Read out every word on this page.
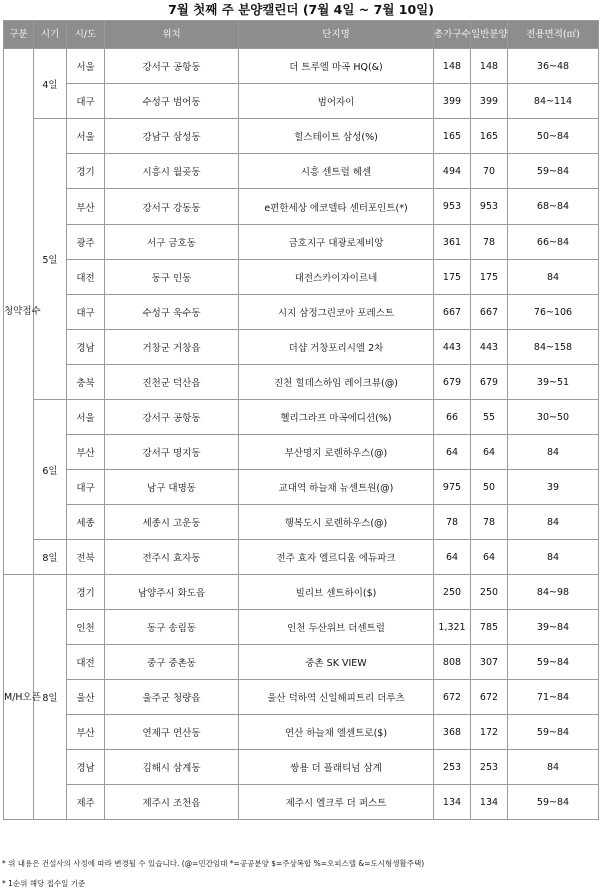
7월 첫째 주 분양캘린더 (7월 4일 ~ 7월 10일)
구분	시기	시/도	위치	단지명	총가구수	일반분양	전용면적(㎡)
청약접수	4일	서울	강서구 공항동	더 트루엘 마곡 HQ(&)	148	148	36~48
		대구	수성구 범어동	범어자이	399	399	84~114
	5일	서울	강남구 삼성동	힐스테이트 삼성(%)	165	165	50~84
		경기	시흥시 월곶동	시흥 센트럴 헤센	494	70	59~84
		부산	강서구 강동동	e편한세상 에코델타 센터포인트(*)	953	953	68~84
		광주	서구 금호동	금호지구 대광로제비앙	361	78	66~84
		대전	동구 인동	대전스카이자이르네	175	175	84
		대구	수성구 욱수동	시지 삼정그린코아 포레스트	667	667	76~106
		경남	거창군 거창읍	더샵 거창포리시엘 2차	443	443	84~158
		충북	진천군 덕산읍	진천 힐데스하임 레이크뷰(@)	679	679	39~51
	6일	서울	강서구 공항동	헬리그라프 마곡에디션(%)	66	55	30~50
		부산	강서구 명지동	부산명지 로렌하우스(@)	64	64	84
		대구	남구 대명동	교대역 하늘채 뉴센트원(@)	975	50	39
		세종	세종시 고운동	행복도시 로렌하우스(@)	78	78	84
	8일	전북	전주시 효자동	전주 효자 엘르디움 에듀파크	64	64	84
M/H오픈	8일	경기	남양주시 화도읍	빌리브 센트하이($)	250	250	84~98
		인천	동구 송림동	인천 두산위브 더센트럴	1,321	785	39~84
		대전	중구 중촌동	중촌 SK VIEW	808	307	59~84
		울산	울주군 청량읍	울산 덕하역 신일해피트리 더루츠	672	672	71~84
		부산	연제구 연산동	연산 하늘채 엘센트로($)	368	172	59~84
		경남	김해시 삼계동	쌍용 더 플래티넘 삼계	253	253	84
		제주	제주시 조천읍	제주시 엘크루 더 퍼스트	134	134	59~84
* 위 내용은 건설사의 사정에 따라 변경될 수 있습니다. (@=민간임대 *=공공분양 $=주상복합 %=오피스텔 &=도시형생활주택)
* 1순위 해당 접수일 기준
